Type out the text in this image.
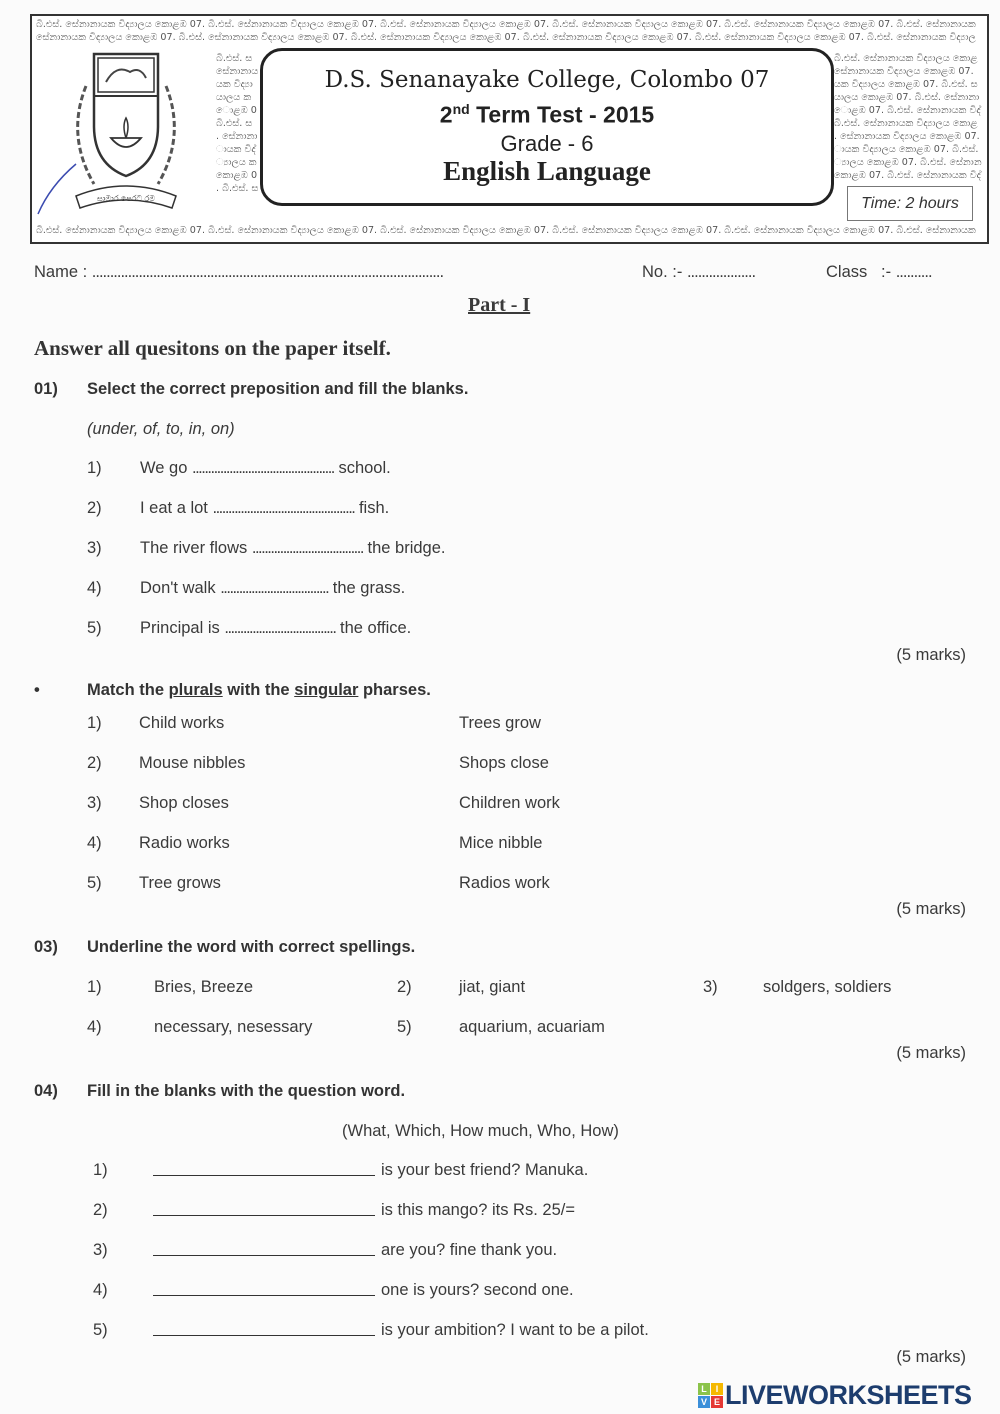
බී.එස්. සේනානායක විද්‍යාලය කොළඹ 07. බී.එස්. සේනානායක විද්‍යාලය කොළඹ 07. බී.එස්. සේනානායක විද්‍යාලය කොළඹ 07. බී.එස්. සේනානායක විද්‍යාලය කොළඹ 07. බී.එස්. සේනානායක විද්‍යාලය කොළඹ 07. බී.එස්. සේනානායක
සේනානායක විද්‍යාලය කොළඹ 07. බී.එස්. සේනානායක විද්‍යාලය කොළඹ 07. බී.එස්. සේනානායක විද්‍යාලය කොළඹ 07. බී.එස්. සේනානායක විද්‍යාලය කොළඹ 07. බී.එස්. සේනානායක විද්‍යාලය කොළඹ 07. බී.එස්. සේනානායක විද්‍යාල
බී.එස්. ස
සේනානාය
යක විද්‍යා
‍යාලය ක
ොළඹ 0
බී.එස්. ස
. සේනානා
ායක විද්‍
්‍යාලය ක
කොළඹ 0
. බී.එස්. ස
බී.එස්. සේනානායක විද්‍යාලය කොළ
සේනානායක විද්‍යාලය කොළඹ 07.
යක විද්‍යාලය කොළඹ 07. බී.එස්. ස
‍යාලය කොළඹ 07. බී.එස්. සේනානා
ොළඹ 07. බී.එස්. සේනානායක විද්‍
බී.එස්. සේනානායක විද්‍යාලය කොළ
. සේනානායක විද්‍යාලය කොළඹ 07.
ායක විද්‍යාලය කොළඹ 07. බී.එස්.
්‍යාලය කොළඹ 07. බී.එස්. සේනාන
කොළඹ 07. බී.එස්. සේනානායක විද්‍
බී.එස්. සේනානායක විද්‍යාලය කොළඹ 07. බී.එස්. සේනානායක විද්‍යාලය කොළඹ 07. බී.එස්. සේනානායක විද්‍යාලය කොළඹ 07. බී.එස්. සේනානායක විද්‍යාලය කොළඹ 07. බී.එස්. සේනානායක විද්‍යාලය කොළඹ 07. බී.එස්. සේනානායක
සාමාර පෙරට රම
D.S. Senanayake College, Colombo 07
2nd Term Test - 2015
Grade - 6
English Language
Time: 2 hours
Name : ..................................................................................................	No. :- ...................	Class :- ..........
Part - I
Answer all quesitons on the paper itself.
01) Select the correct preposition and fill the blanks.
(under, of, to, in, on)
1) We go .............................................. school.
2) I eat a lot .............................................. fish.
3) The river flows .................................... the bridge.
4) Don't walk ................................... the grass.
5) Principal is .................................... the office.
(5 marks)
•	Match the plurals with the singular pharses.
1) Child works	Trees grow
2) Mouse nibbles	Shops close
3) Shop closes	Children work
4) Radio works	Mice nibble
5) Tree grows	Radios work
(5 marks)
03) Underline the word with correct spellings.
1)	Bries, Breeze	2)	jiat, giant	3)	soldgers, soldiers
4)	necessary, nesessary	5)	aquarium, acuariam
(5 marks)
04) Fill in the blanks with the question word.
(What, Which, How much, Who, How)
1)	is your best friend? Manuka.
2)	is this mango? its Rs. 25/=
3)	are you? fine thank you.
4)	one is yours? second one.
5)	is your ambition? I want to be a pilot.
(5 marks)
L I
V E LIVEWORKSHEETS
